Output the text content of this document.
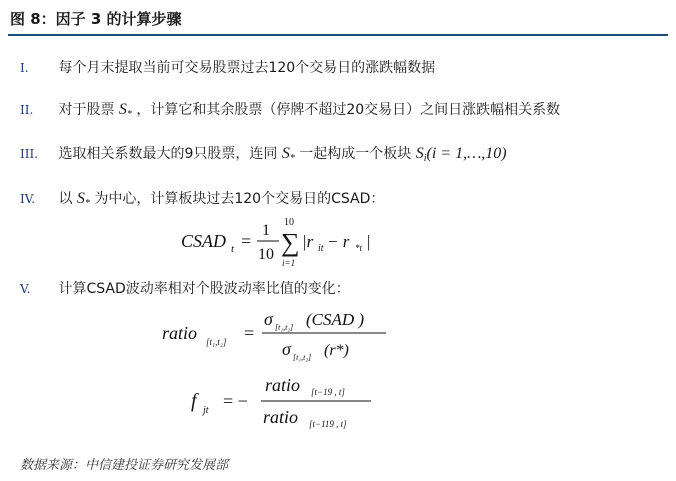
图 8：因子 3 的计算步骤
I. 每个月末提取当前可交易股票过去120个交易日的涨跌幅数据
II. 对于股票 $S_*$ ，计算它和其余股票（停牌不超过20交易日）之间日涨跌幅相关系数
III. 选取相关系数最大的9只股票，连同 $S_*$ 一起构成一个板块 $S_i(i$ = 1,…,10)
IV. 以 $S_*$ 为中心，计算板块过去120个交易日的CSAD：
CSAD t =
1
10
10
∑
i=1
|r it − r *t |
V. 计算CSAD波动率相对个股波动率比值的变化：
ratio [t₁,t₂] =
σ [t₁,t₂] (CSAD )
σ [t₁,t₂] (r*)
f jt = −
ratio [t−19 , t]
ratio [t−119 , t]
数据来源：中信建投证券研究发展部
